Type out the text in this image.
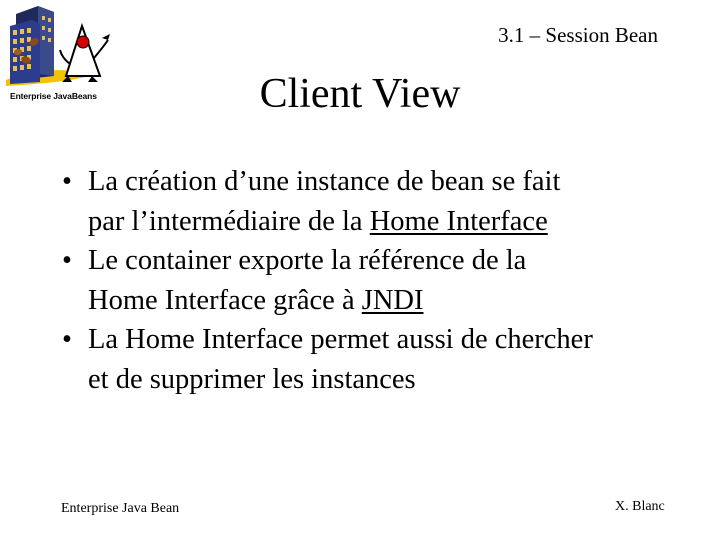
Enterprise JavaBeans
3.1 – Session Bean
Client View
• La création d’une instance de bean se fait
par l’intermédiaire de la Home Interface
• Le container exporte la référence de la
Home Interface grâce à JNDI
• La Home Interface permet aussi de chercher
et de supprimer les instances
Enterprise Java Bean	X. Blanc
